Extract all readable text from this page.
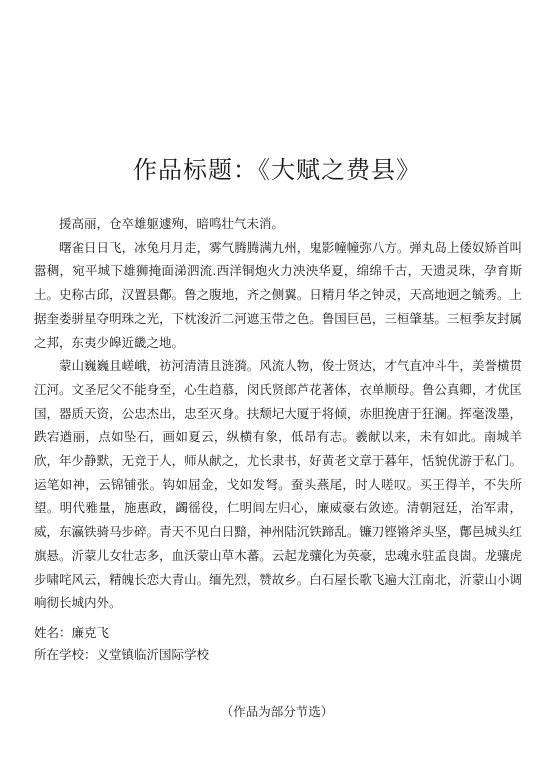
作品标题：《大赋之费县》

援高丽，仓卒雄躯遽殉，暗鸣壮气未消。

曙雀日日飞，冰兔月月走，雾气腾腾满九州，鬼影幢幢弥八方。弹丸岛上倭奴矫首叫嚣稠，宛平城下雄狮掩面涕泗流.西洋铜炮火力泱泱华夏，绵绵千古，天遗灵珠，孕育斯土。史称古邱，汉置县鄪。鲁之腹地，齐之侧翼。日精月华之钟灵，天高地迥之毓秀。上据奎娄骈星夺明珠之光，下枕浚沂二河遮玉带之色。鲁国巨邑，三桓肇基。三桓季友封属之邦，东夷少皞近畿之地。

蒙山巍巍且嵯峨，祊河清清且涟漪。风流人物，俊士贤达，才气直冲斗牛，美誉横贯江河。文圣尼父不能身至，心生趋慕，闵氏贤郎芦花著体，衣单顺母。鲁公真卿，才优匡国，器质天资，公忠杰出，忠至灭身。扶颓圮大厦于将倾，赤胆挽唐于狂澜。挥毫泼墨，跌宕遒丽，点如坠石，画如夏云，纵横有象，低昂有志。羲献以来，未有如此。南城羊欣，年少静默，无竞于人，师从献之，尤长隶书，好黄老文章于暮年，恬貌优游于私门。运笔如神，云锦铺张。钩如屈金，戈如发弩。蚕头燕尾，时人嗟叹。买王得羊，不失所望。明代雅量，施惠政，蠲徭役，仁明闾左归心，廉威豪右敛迹。清朝冠廷，治军肃，威，东瀛铁骑马步碎。青天不见白日黯，神州陆沉铁蹄乱。镰刀铿锵斧头坚，鄪邑城头红旗悬。沂蒙儿女壮志多，血沃蒙山草木蕃。云起龙骧化为英豪，忠魂永驻孟良崮。龙骧虎步啸咤风云，精魄长恋大青山。缅先烈，赞故乡。白石屋长歌飞遍大江南北，沂蒙山小调响彻长城内外。

姓名：廉克飞
所在学校：义堂镇临沂国际学校
（作品为部分节选）
